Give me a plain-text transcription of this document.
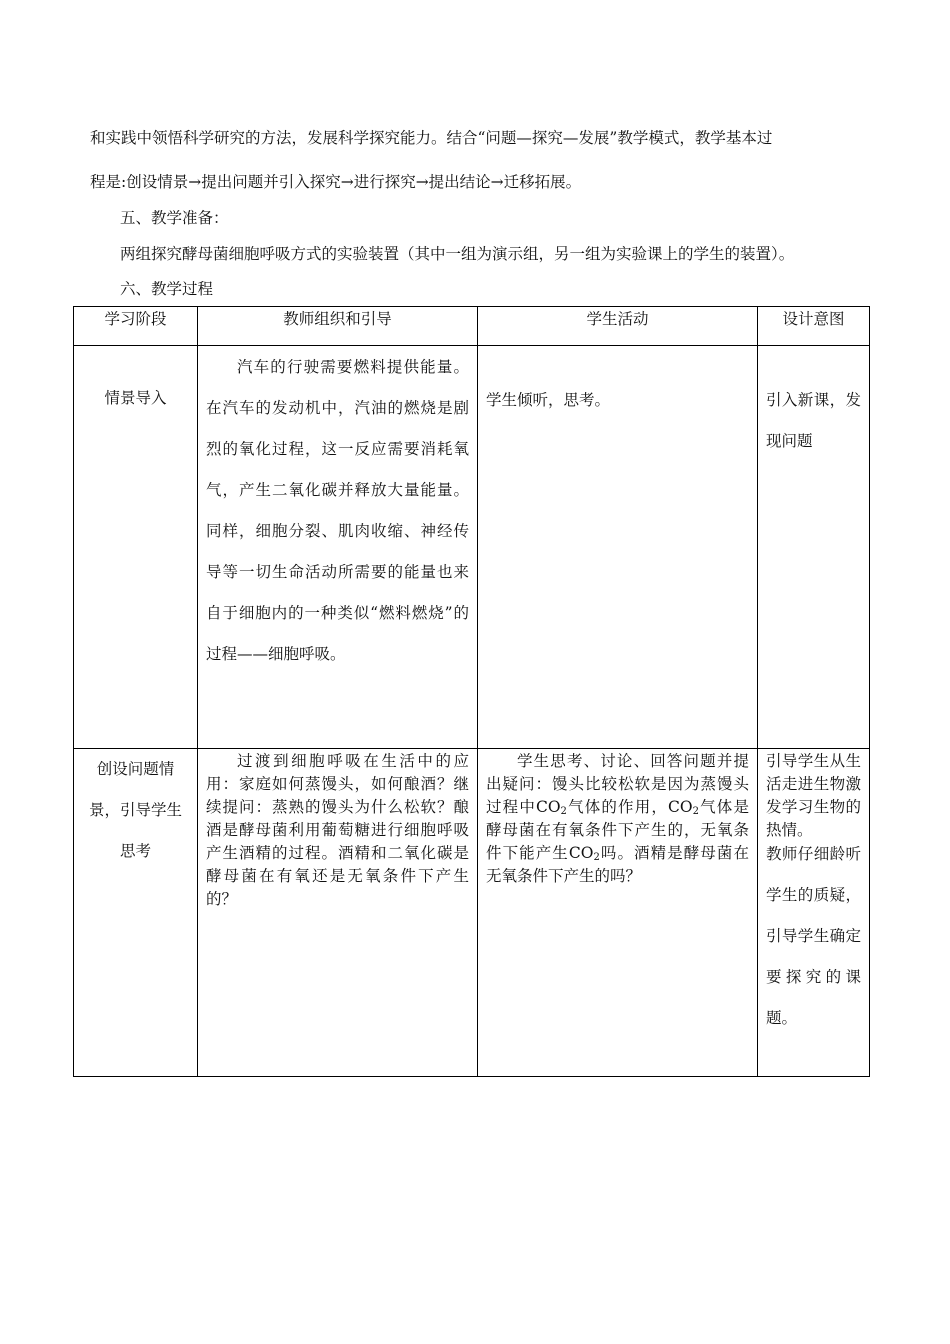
和实践中领悟科学研究的方法，发展科学探究能力。结合“问题—探究—发展”教学模式，教学基本过

程是:创设情景→提出问题并引入探究→进行探究→提出结论→迁移拓展。

五、教学准备：

两组探究酵母菌细胞呼吸方式的实验装置（其中一组为演示组，另一组为实验课上的学生的装置）。

六、教学过程

学习阶段	教师组织和引导	学生活动	设计意图

情景导入	汽车的行驶需要燃料提供能量。在汽车的发动机中，汽油的燃烧是剧烈的氧化过程，这一反应需要消耗氧气，产生二氧化碳并释放大量能量。同样，细胞分裂、肌肉收缩、神经传导等一切生命活动所需要的能量也来自于细胞内的一种类似“燃料燃烧”的过程——细胞呼吸。	学生倾听，思考。	引入新课，发现问题
创设问题情景，引导学生思考	过渡到细胞呼吸在生活中的应用：家庭如何蒸馒头，如何酿酒？继续提问：蒸熟的馒头为什么松软？酿酒是酵母菌利用葡萄糖进行细胞呼吸产生酒精的过程。酒精和二氧化碳是酵母菌在有氧还是无氧条件下产生的？	学生思考、讨论、回答问题并提出疑问：馒头比较松软是因为蒸馒头过程中$CO_2$气体的作用，$CO_2$气体是酵母菌在有氧条件下产生的，无氧条件下能产生$CO_2$吗。酒精是酵母菌在无氧条件下产生的吗？	引导学生从生活走进生物激发学习生物的热情。
教师仔细龄听学生的质疑，引导学生确定要探究的课题。
